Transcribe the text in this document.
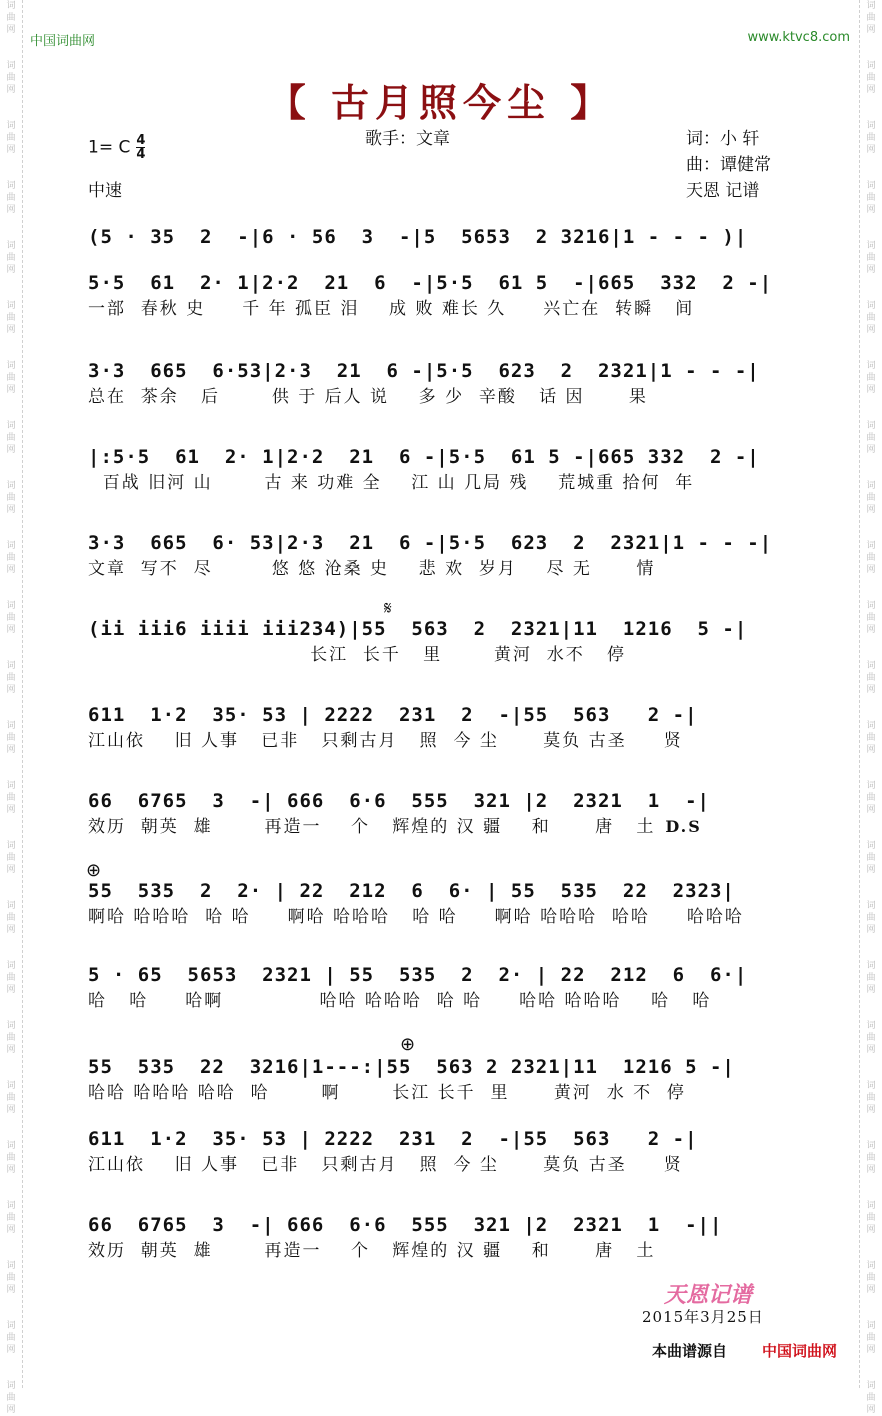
词
曲
网
词
曲
网
词
曲
网
词
曲
网
词
曲
网
词
曲
网
词
曲
网
词
曲
网
词
曲
网
词
曲
网
词
曲
网
词
曲
网
词
曲
网
词
曲
网
词
曲
网
词
曲
网
词
曲
网
词
曲
网
词
曲
网
词
曲
网
词
曲
网
词
曲
网
词
曲
网
词
曲
网
词
曲
网
词
曲
网
词
曲
网
词
曲
网
词
曲
网
词
曲
网
词
曲
网
词
曲
网
词
曲
网
词
曲
网
词
曲
网
词
曲
网
词
曲
网
词
曲
网
词
曲
网
词
曲
网
词
曲
网
词
曲
网
词
曲
网
词
曲
网
词
曲
网
词
曲
网
词
曲
网
词
曲
网
中国词曲网	www.ktvc8.com
【 古月照今尘 】
1= C $\frac{4}{4}$
中速
歌手：文章	词：小 轩
曲：谭健常
天恩 记谱
(5 · 35  2  -|6 · 56  3  -|5  5653  2 3216|1 - - - )|
5·5  61  2· 1|2·2  21  6  -|5·5  61 5  -|665  332  2 -|
一部  春秋 史     千 年 孤臣 泪    成 败 难长 久     兴亡在  转瞬   间
3·3  665  6·53|2·3  21  6 -|5·5  623  2  2321|1 - - -|
总在  茶余   后       供 于 后人 说    多 少  辛酸   话 因      果
|:5·5  61  2· 1|2·2  21  6 -|5·5  61 5 -|665 332  2 -|
百战 旧河 山       古 来 功难 全    江 山 几局 残    荒城重 拾何  年
3·3  665  6· 53|2·3  21  6 -|5·5  623  2  2321|1 - - -|
文章  写不  尽        悠 悠 沧桑 史    悲 欢  岁月    尽 无      情
𝄋
(ii iii6 iiii iii234)|55  563  2  2321|11  1216  5 -|
长江  长千   里       黄河  水不   停
611  1·2  35· 53 | 2222  231  2  -|55  563   2 -|
江山依    旧 人事   已非   只剩古月   照  今 尘      莫负 古圣     贤
66  6765  3  -| 666  6·6  555  321 |2  2321  1  -|
效历  朝英  雄       再造一    个   辉煌的 汉 疆    和      唐   土 D.S
⊕
55  535  2  2· | 22  212  6  6· | 55  535  22  2323|
啊哈 哈哈哈  哈 哈     啊哈 哈哈哈   哈 哈     啊哈 哈哈哈  哈哈     哈哈哈
5 · 65  5653  2321 | 55  535  2  2· | 22  212  6  6·|
哈   哈     哈啊             哈哈 哈哈哈  哈 哈     哈哈 哈哈哈    哈   哈
⊕
55  535  22  3216|1---:|55  563 2 2321|11  1216 5 -|
哈哈 哈哈哈 哈哈  哈       啊       长江 长千  里      黄河  水 不  停
611  1·2  35· 53 | 2222  231  2  -|55  563   2 -|
江山依    旧 人事   已非   只剩古月   照  今 尘      莫负 古圣     贤
66  6765  3  -| 666  6·6  555  321 |2  2321  1  -||
效历  朝英  雄       再造一    个   辉煌的 汉 疆    和      唐   土
天恩记谱
2015年3月25日
本曲谱源自 中国词曲网
